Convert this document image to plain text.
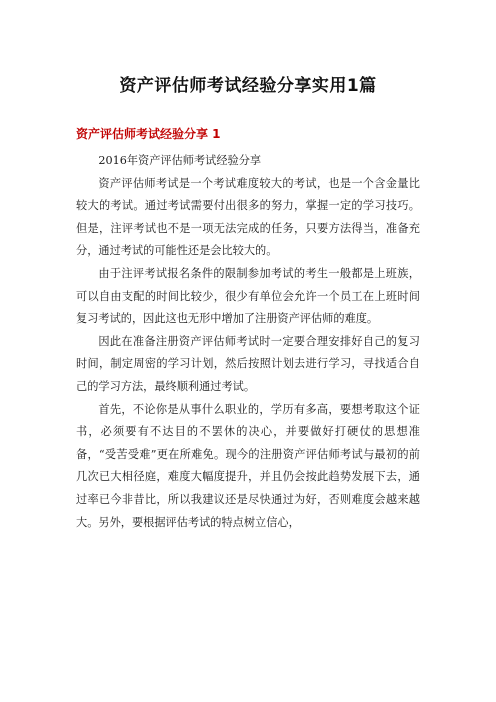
资产评估师考试经验分享实用1篇
资产评估师考试经验分享 1

2016年资产评估师考试经验分享

资产评估师考试是一个考试难度较大的考试，也是一个含金量比较大的考试。通过考试需要付出很多的努力，掌握一定的学习技巧。但是，注评考试也不是一项无法完成的任务，只要方法得当，准备充分，通过考试的可能性还是会比较大的。

由于注评考试报名条件的限制参加考试的考生一般都是上班族，可以自由支配的时间比较少，很少有单位会允许一个员工在上班时间复习考试的，因此这也无形中增加了注册资产评估师的难度。

因此在准备注册资产评估师考试时一定要合理安排好自己的复习时间，制定周密的学习计划，然后按照计划去进行学习，寻找适合自己的学习方法，最终顺利通过考试。

首先，不论你是从事什么职业的，学历有多高，要想考取这个证书，必须要有不达目的不罢休的决心，并要做好打硬仗的思想准备，“受苦受难”更在所难免。现今的注册资产评估师考试与最初的前几次已大相径庭，难度大幅度提升，并且仍会按此趋势发展下去，通过率已今非昔比，所以我建议还是尽快通过为好，否则难度会越来越大。另外，要根据评估考试的特点树立信心，
